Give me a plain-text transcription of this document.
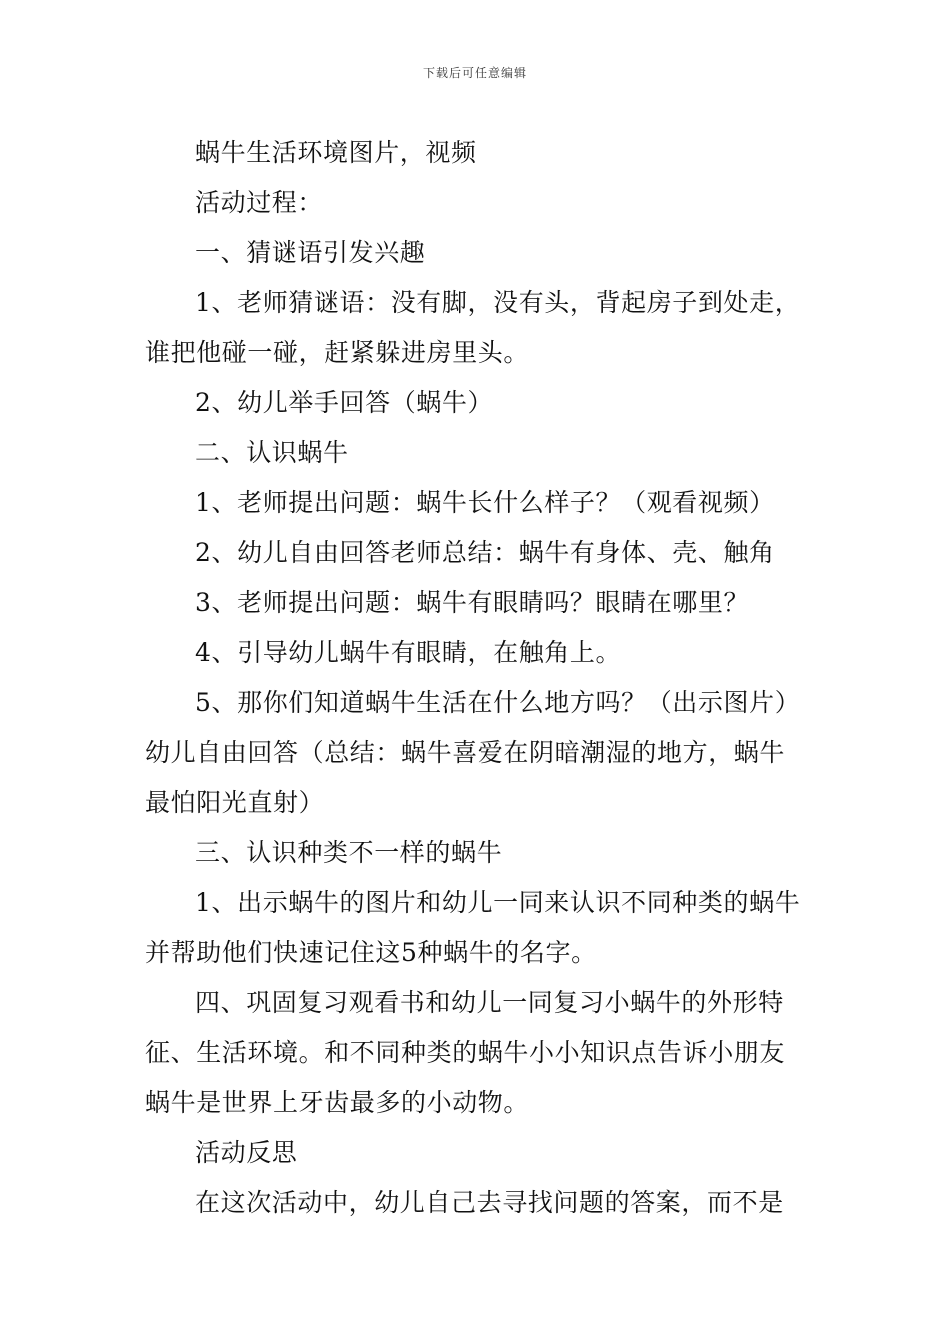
下载后可任意编辑

蜗牛生活环境图片，视频

活动过程：

一、猜谜语引发兴趣

1、老师猜谜语：没有脚，没有头，背起房子到处走，谁把他碰一碰，赶紧躲进房里头。

2、幼儿举手回答（蜗牛）

二、认识蜗牛

1、老师提出问题：蜗牛长什么样子？（观看视频）

2、幼儿自由回答老师总结：蜗牛有身体、壳、触角

3、老师提出问题：蜗牛有眼睛吗？眼睛在哪里？

4、引导幼儿蜗牛有眼睛，在触角上。

5、那你们知道蜗牛生活在什么地方吗？（出示图片）幼儿自由回答（总结：蜗牛喜爱在阴暗潮湿的地方，蜗牛最怕阳光直射）

三、认识种类不一样的蜗牛

1、出示蜗牛的图片和幼儿一同来认识不同种类的蜗牛并帮助他们快速记住这5种蜗牛的名字。

四、巩固复习观看书和幼儿一同复习小蜗牛的外形特征、生活环境。和不同种类的蜗牛小小知识点告诉小朋友蜗牛是世界上牙齿最多的小动物。

活动反思

在这次活动中，幼儿自己去寻找问题的答案，而不是
